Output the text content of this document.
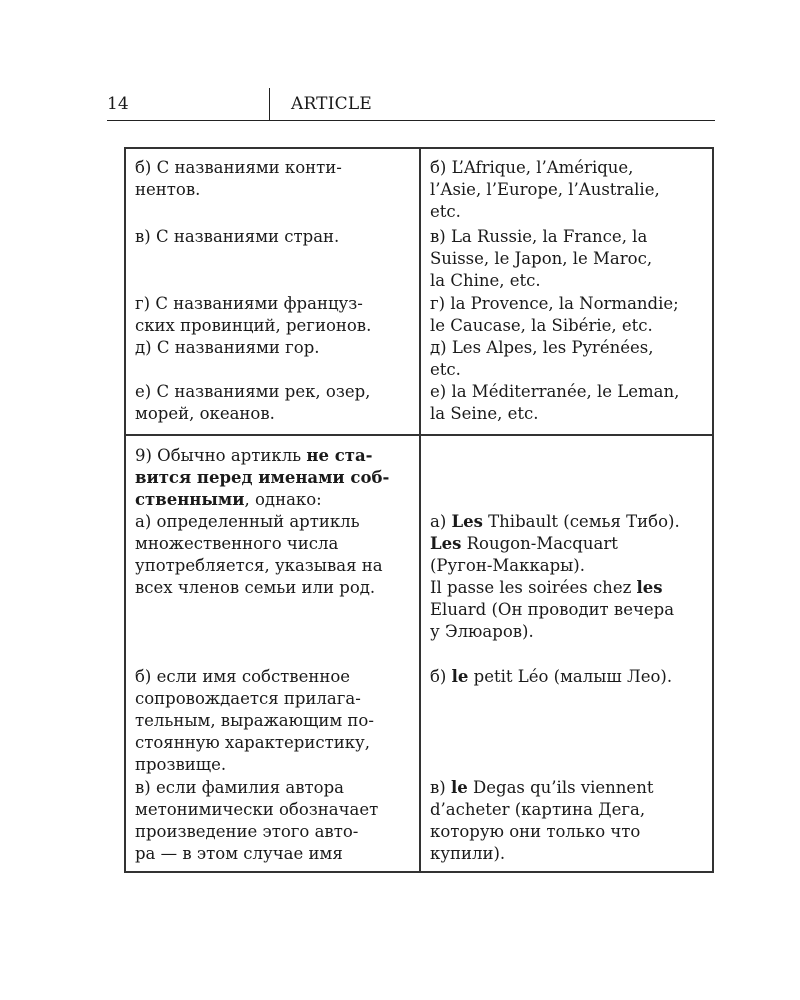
14	ARTICLE
б) С названиями конти-
нентов.
в) С названиями стран.
г) С названиями француз-
ских провинций, регионов.
д) С названиями гор.
е) С названиями рек, озер,
морей, океанов.
б) L’Afrique, l’Amérique,
l’Asie, l’Europe, l’Australie,
etc.
в) La Russie, la France, la
Suisse, le Japon, le Maroc,
la Chine, etc.
г) la Provence, la Normandie;
le Caucase, la Sibérie, etc.
д) Les Alpes, les Pyrénées,
etc.
е) la Méditerranée, le Leman,
la Seine, etc.
9) Обычно артикль не ста-
вится перед именами соб-
ственными, однако:
а) определенный артикль
множественного числа
употребляется, указывая на
всех членов семьи или род.
б) если имя собственное
сопровождается прилага-
тельным, выражающим по-
стоянную характеристику,
прозвище.
в) если фамилия автора
метонимически обозначает
произведение этого авто-
ра — в этом случае имя
а) Les Thibault (семья Тибо).
Les Rougon-Macquart
(Ругон-Маккары).
Il passe les soirées chez les
Eluard (Он проводит вечера
у Элюаров).
б) le petit Léo (малыш Лео).
в) le Degas qu’ils viennent
d’acheter (картина Дега,
которую они только что
купили).
